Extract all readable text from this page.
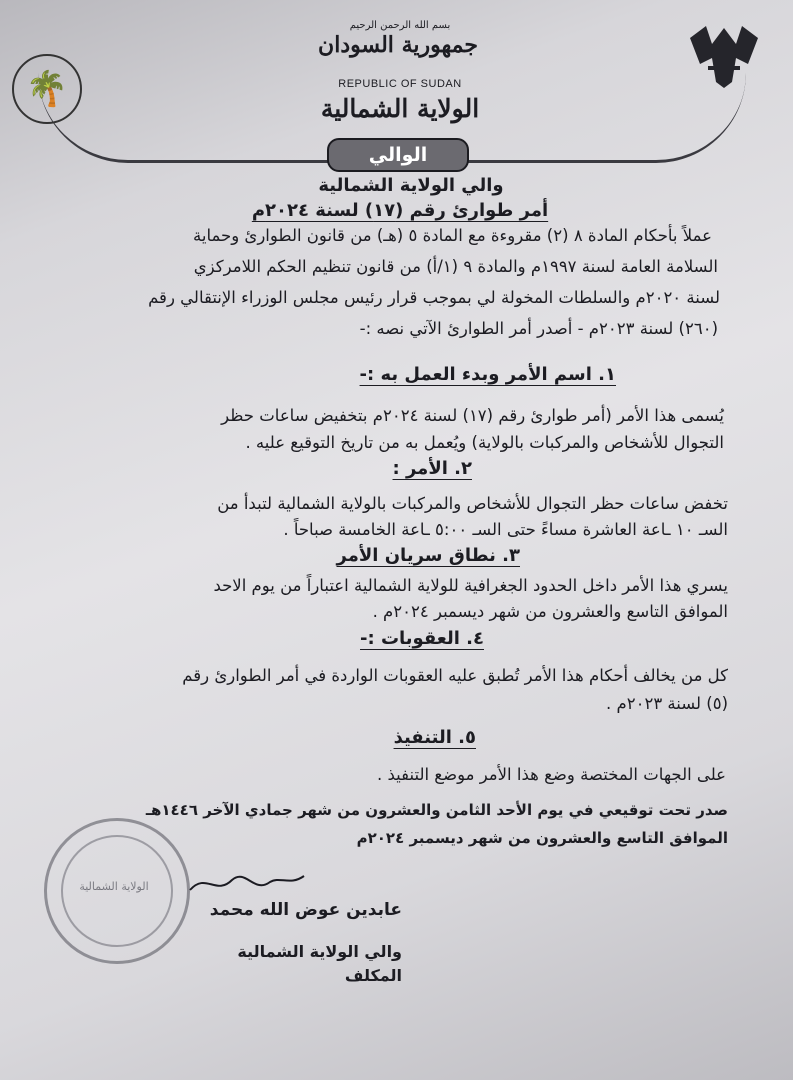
🌴
بسم الله الرحمن الرحيم
جمهورية السودان
REPUBLIC OF SUDAN
الولاية الشمالية
الوالي
والي الولاية الشمالية
أمر طوارئ رقم (١٧) لسنة ٢٠٢٤م
عملاً بأحكام المادة ٨ (٢) مقروءة مع المادة ٥ (هـ) من قانون الطوارئ وحماية
السلامة العامة لسنة ١٩٩٧م والمادة ٩ (١/أ) من قانون تنظيم الحكم اللامركزي
لسنة ٢٠٢٠م والسلطات المخولة لي بموجب قرار رئيس مجلس الوزراء الإنتقالي رقم
(٢٦٠) لسنة ٢٠٢٣م - أصدر أمر الطوارئ الآتي نصه :-
١. اسم الأمر وبدء العمل به :-
يُسمى هذا الأمر (أمر طوارئ رقم (١٧) لسنة ٢٠٢٤م بتخفيض ساعات حظر
التجوال للأشخاص والمركبات بالولاية) ويُعمل به من تاريخ التوقيع عليه .
٢. الأمر :
تخفض ساعات حظر التجوال للأشخاص والمركبات بالولاية الشمالية لتبدأ من
السـ ١٠ ـاعة العاشرة مساءً حتى السـ ٥:٠٠ ـاعة الخامسة صباحاً .
٣. نطاق سريان الأمر
يسري هذا الأمر داخل الحدود الجغرافية للولاية الشمالية اعتباراً من يوم الاحد
الموافق التاسع والعشرون من شهر ديسمبر ٢٠٢٤م .
٤. العقوبات :-
كل من يخالف أحكام هذا الأمر تُطبق عليه العقوبات الواردة في أمر الطوارئ رقم
(٥) لسنة ٢٠٢٣م .
٥. التنفيذ
على الجهات المختصة وضع هذا الأمر موضع التنفيذ .
صدر تحت توقيعي في يوم الأحد الثامن والعشرون من شهر جمادي الآخر ١٤٤٦هـ
الموافق التاسع والعشرون من شهر ديسمبر ٢٠٢٤م
الولاية الشمالية
عابدين عوض الله محمد
والي الولاية الشمالية المكلف
